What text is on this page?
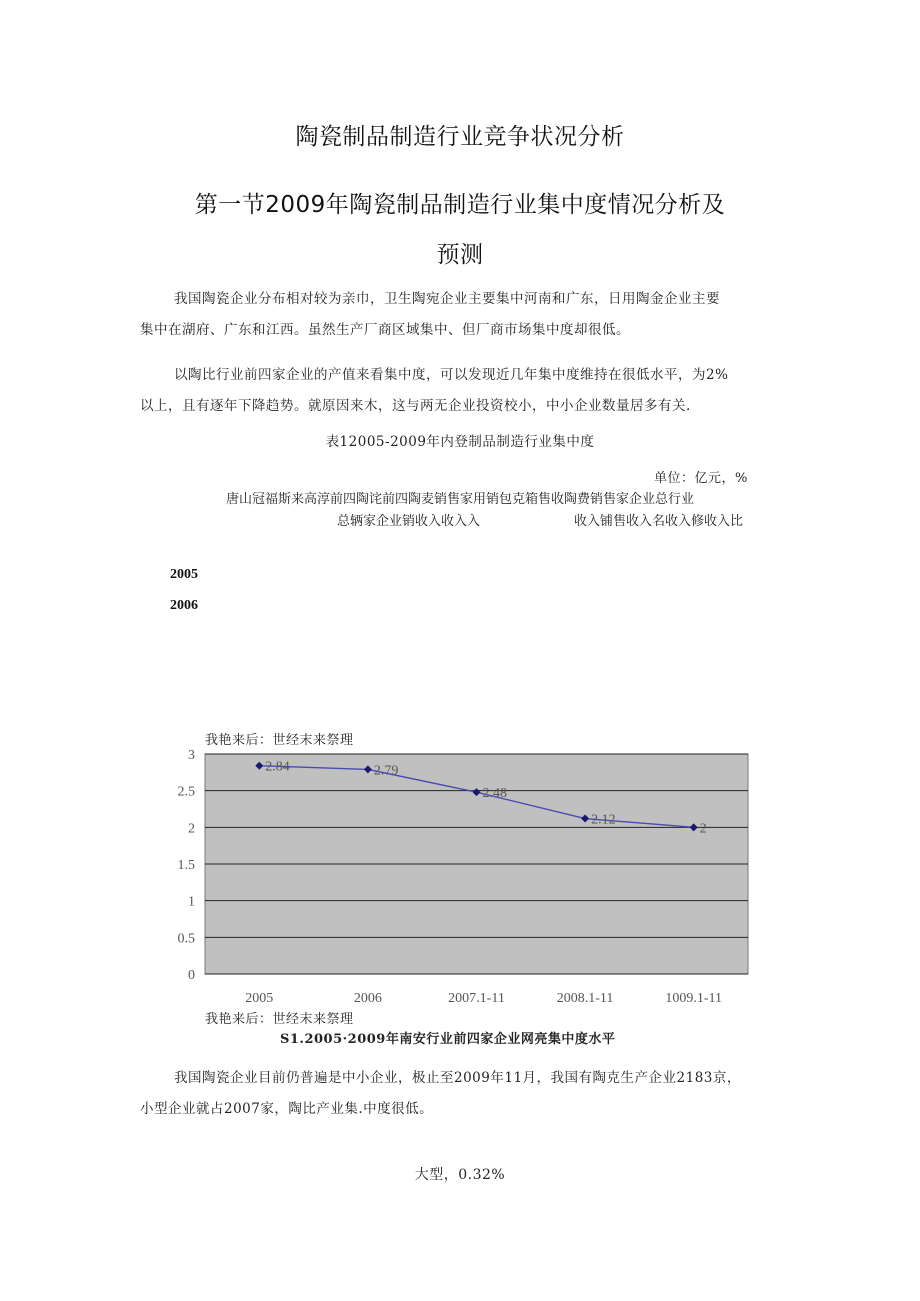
陶瓷制品制造行业竞争状况分析
第一节2009年陶瓷制品制造行业集中度情况分析及
预测
我国陶瓷企业分布相对较为亲巾，卫生陶宛企业主要集中河南和广东，日用陶金企业主要
集中在湖府、广东和江西。虽然生产厂商区域集中、但厂商市场集中度却很低。
以陶比行业前四家企业的产值来看集中度，可以发现近几年集中度维持在很低水平，为2%
以上，且有逐年下降趋势。就原因来木，这与两无企业投资校小，中小企业数量居多有关.
表12005-2009年内登制品制造行业集中度
单位：亿元，%
唐山冠福斯来高淳前四陶诧前四陶麦销售家用销包克箱售收陶费销售家企业总行业
总辆家企业销收入收入入	收入铺售收入名收入修收入比
2005
2006
我艳来后：世经末来祭理
0
0.5
1
1.5
2
2.5
3
2005	2006	2007.1-11	2008.1-11	1009.1-11
2.84	2.79
2.48
2.12
2
我艳来后：世经末来祭理
S1.2005·2009年南安行业前四家企业网亮集中度水平
我国陶瓷企业目前仍普遍是中小企业，极止至2009年11月，我国有陶克生产企业2183京，
小型企业就占2007家，陶比产业集.中度很低。
大型，0.32%
